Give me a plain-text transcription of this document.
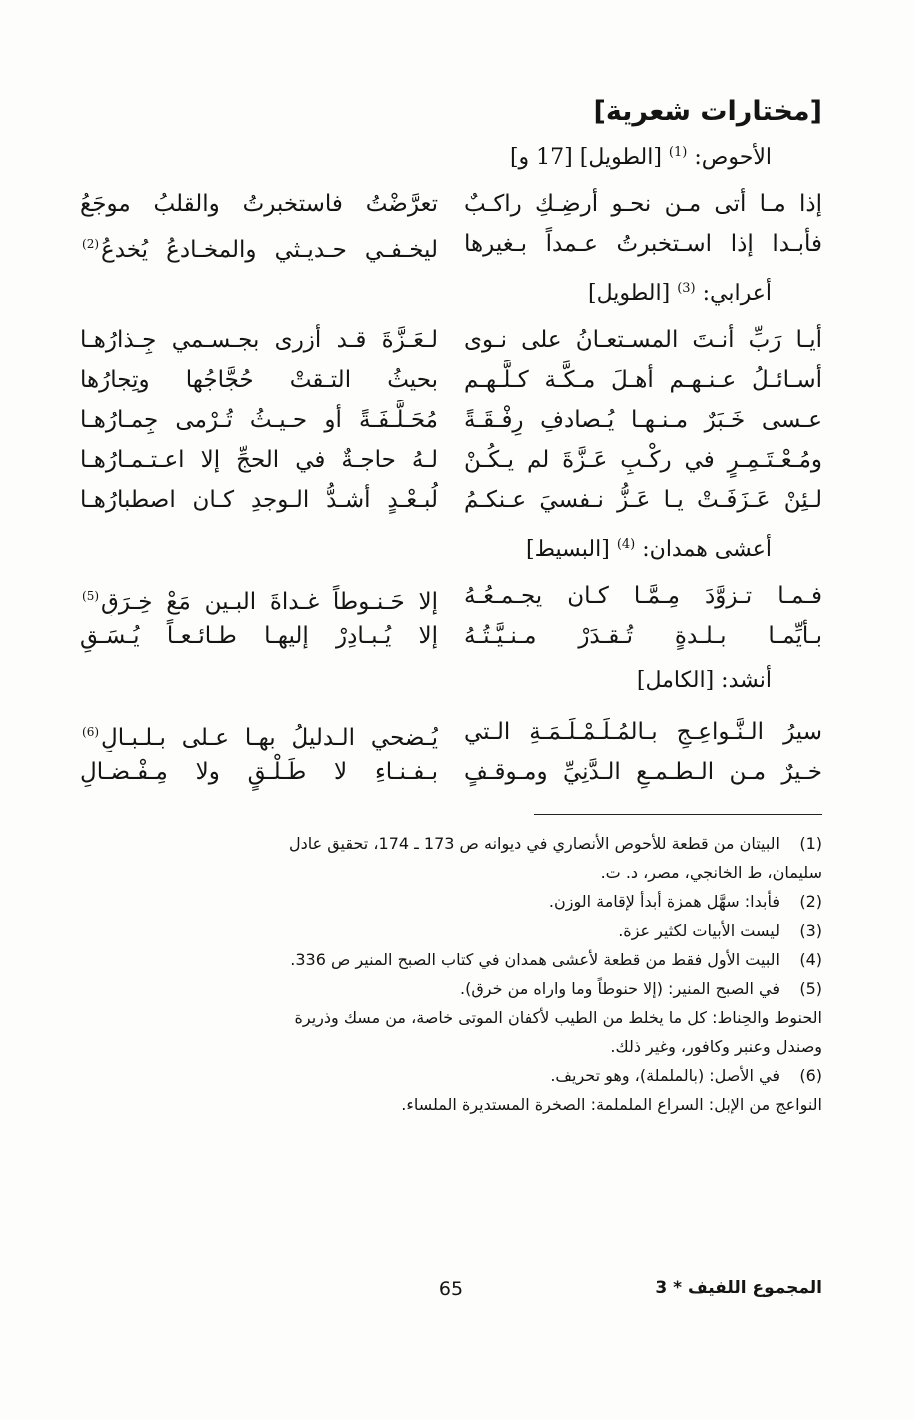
[مختارات شعرية]
الأحوص: $^{(1)}$ [الطويل] [17 و]
إذا مـا أتى مـن نحـو أرضِـكِ راكـبٌ
تعرَّضْتُ فاستخبرتُ والقلبُ موجَعُ
فأبـدا إذا اسـتخبرتُ عـمداً بـغيرها
ليخـفـي حـديـثي والمخـادعُ يُخدعُ$^{(2)}$
أعرابي: $^{(3)}$ [الطويل]
أيـا رَبِّ أنـتَ المسـتعـانُ على نـوى
لـعَـزَّةَ قـد أزرى بجـسـمي جِـذارُهـا
أسـائـلُ عـنـهـم أهـلَ مـكَّـة كـلَّـهـم
بحيثُ التـقتْ حُجَّاجُها وتِجارُها
عـسى خَـبَرٌ مـنـهـا يُـصادفِ رِفْـقَـةً
مُحَـلَّـفَـةً أو حـيـثُ تُـرْمى جِمـارُهـا
ومُـعْـتَـمِـرٍ في ركْـبِ عَـزَّةَ لم يـكُـنْ
لـهُ حاجـةٌ في الحجِّ إلا اعـتـمـارُهـا
لـئِنْ عَـزَفَـتْ يـا عَـزُّ نـفسيَ عـنكـمُ
لُبـعْـدٍ أشـدُّ الـوجدِ كـان اصطبارُهـا
أعشى همدان: $^{(4)}$ [البسيط]
فـمـا تـزوَّدَ مِـمَّـا كـان يجـمـعُـهُ
إلا حَـنـوطاً غـداةَ البـينِ مَعْ خِـرَقِ$^{(5)}$
بـأيِّمـا بـلـدةٍ تُـقـدَرْ مـنـيَّـتُـهُ
إلا يُـبـادِرْ إليهـا طـائـعـاً يُـسَـقِ
أنشد: [الكامل]
سيرُ الـنَّـواعِـجِ بـالمُـلَـمْـلَـمَـةِ الـتي
يُـضحي الـدليلُ بهـا عـلى بـلـبـالِ$^{(6)}$
خـيرٌ مـن الـطـمـعِ الـدَّنِيِّ ومـوقـفٍ
بـفـنـاءِ لا طَـلْـقٍ ولا مِـفْـضـالِ
(1)
البيتان من قطعة للأحوص الأنصاري في ديوانه ص 173 ـ 174، تحقيق عادل
سليمان، ط الخانجي، مصر، د. ت.
(2)
فأبدا: سهَّل همزة أبدأ لإقامة الوزن.
(3)
ليست الأبيات لكثير عزة.
(4)
البيت الأول فقط من قطعة لأعشى همدان في كتاب الصبح المنير ص 336.
(5)
في الصبح المنير: (إلا حنوطاً وما واراه من خرق).
الحنوط والحِناط: كل ما يخلط من الطيب لأكفان الموتى خاصة، من مسك وذريرة
وصندل وعنبر وكافور، وغير ذلك.
(6)
في الأصل: (بالململة)، وهو تحريف.
النواعج من الإبل: السراع الململمة: الصخرة المستديرة الملساء.
المجموع اللفيف * 3
65
